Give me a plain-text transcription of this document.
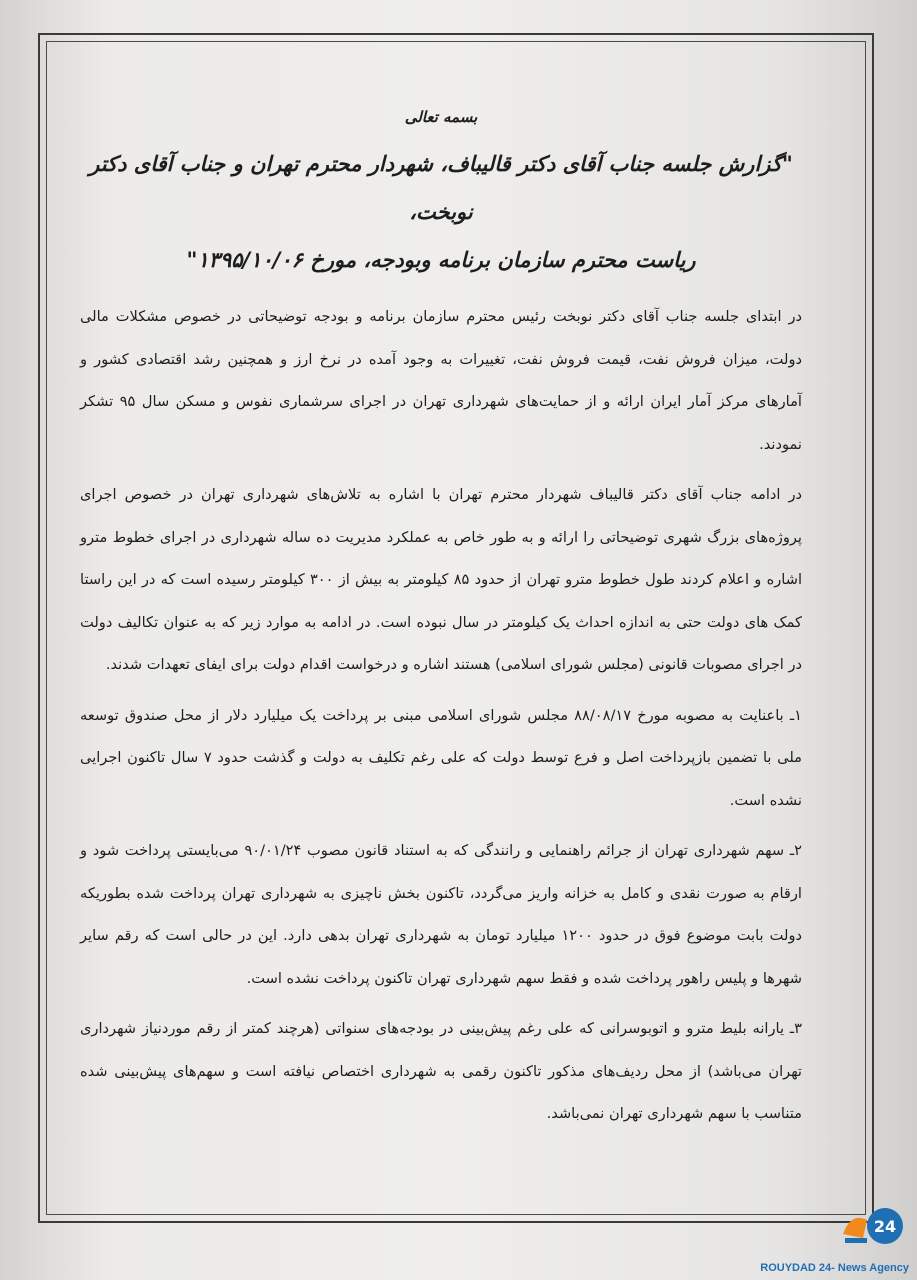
بسمه تعالی
"گزارش جلسه جناب آقای دکتر قالیباف، شهردار محترم تهران و جناب آقای دکتر نوبخت،
ریاست محترم سازمان برنامه وبودجه، مورخ ۱۳۹۵/۱۰/۰۶"

در ابتدای جلسه جناب آقای دکتر نوبخت رئیس محترم سازمان برنامه و بودجه توضیحاتی در خصوص مشکلات مالی دولت، میزان فروش نفت، قیمت فروش نفت، تغییرات به وجود آمده در نرخ ارز و همچنین رشد اقتصادی کشور و آمارهای مرکز آمار ایران ارائه و از حمایت‌های شهرداری تهران در اجرای سرشماری نفوس و مسکن سال ۹۵ تشکر نمودند.

در ادامه جناب آقای دکتر قالیباف شهردار محترم تهران با اشاره به تلاش‌های شهرداری تهران در خصوص اجرای پروژه‌های بزرگ شهری توضیحاتی را ارائه و به طور خاص به عملکرد مدیریت ده ساله شهرداری در اجرای خطوط مترو اشاره و اعلام کردند طول خطوط مترو تهران از حدود ۸۵ کیلومتر به بیش از ۳۰۰ کیلومتر رسیده است که در این راستا کمک های دولت حتی به اندازه احداث یک کیلومتر در سال نبوده است. در ادامه به موارد زیر که به عنوان تکالیف دولت در اجرای مصوبات قانونی (مجلس شورای اسلامی) هستند اشاره و درخواست اقدام دولت برای ایفای تعهدات شدند.

۱ـ باعنایت به مصوبه مورخ ۸۸/۰۸/۱۷ مجلس شورای اسلامی مبنی بر پرداخت یک میلیارد دلار از محل صندوق توسعه ملی با تضمین بازپرداخت اصل و فرع توسط دولت که علی رغم تکلیف به دولت و گذشت حدود ۷ سال تاکنون اجرایی نشده است.

۲ـ سهم شهرداری تهران از جرائم راهنمایی و رانندگی که به استناد قانون مصوب ۹۰/۰۱/۲۴ می‌بایستی پرداخت شود و ارقام به صورت نقدی و کامل به خزانه واریز می‌گردد، تاکنون بخش ناچیزی به شهرداری تهران پرداخت شده بطوریکه دولت بابت موضوع فوق در حدود ۱۲۰۰ میلیارد تومان به شهرداری تهران بدهی دارد. این در حالی است که رقم سایر شهرها و پلیس راهور پرداخت شده و فقط سهم شهرداری تهران تاکنون پرداخت نشده است.

۳ـ یارانه بلیط مترو و اتوبوسرانی که علی رغم پیش‌بینی در بودجه‌های سنواتی (هرچند کمتر از رقم موردنیاز شهرداری تهران می‌باشد) از محل ردیف‌های مذکور تاکنون رقمی به شهرداری اختصاص نیافته است و سهم‌های پیش‌بینی شده متناسب با سهم شهرداری تهران نمی‌باشد.

24
ROUYDAD 24- News Agency
